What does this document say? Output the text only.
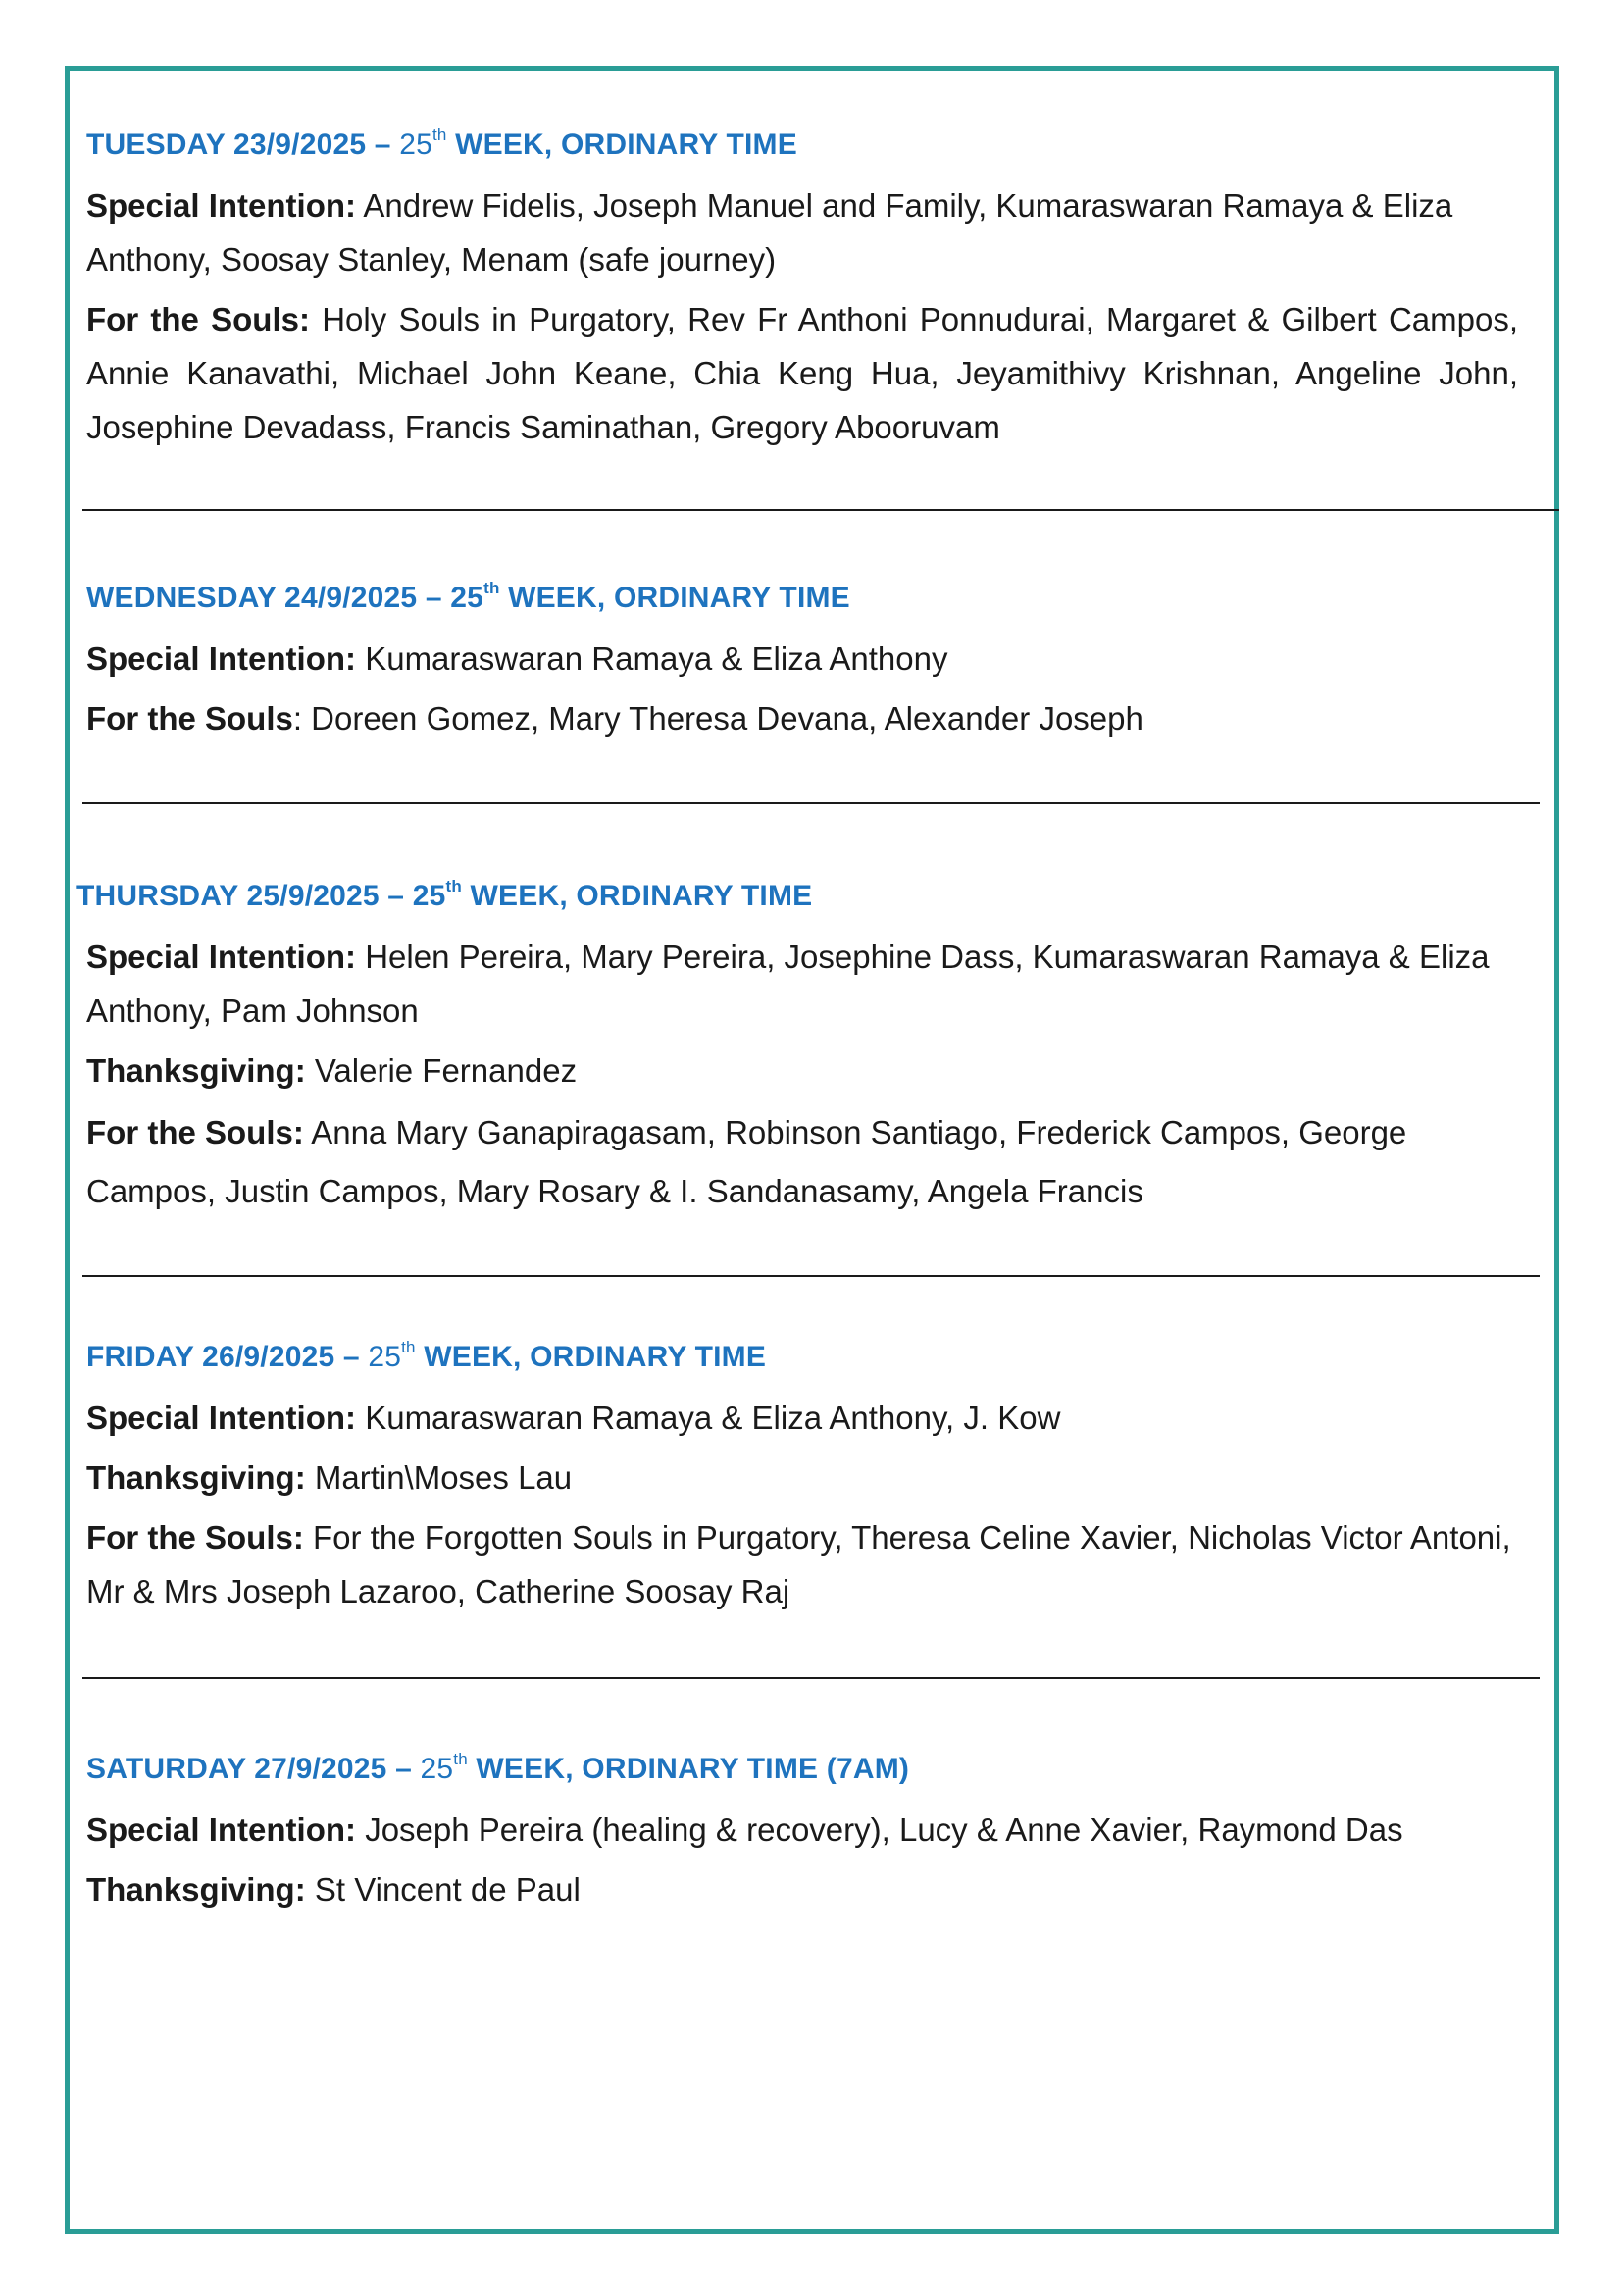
TUESDAY 23/9/2025 – 25th WEEK, ORDINARY TIME

Special Intention: Andrew Fidelis, Joseph Manuel and Family, Kumaraswaran Ramaya & Eliza Anthony, Soosay Stanley, Menam (safe journey)

For the Souls: Holy Souls in Purgatory, Rev Fr Anthoni Ponnudurai, Margaret & Gilbert Campos, Annie Kanavathi, Michael John Keane, Chia Keng Hua, Jeyamithivy Krishnan, Angeline John, Josephine Devadass, Francis Saminathan, Gregory Abooruvam

WEDNESDAY 24/9/2025 – 25th WEEK, ORDINARY TIME

Special Intention: Kumaraswaran Ramaya & Eliza Anthony

For the Souls: Doreen Gomez, Mary Theresa Devana, Alexander Joseph

THURSDAY 25/9/2025 – 25th WEEK, ORDINARY TIME

Special Intention: Helen Pereira, Mary Pereira, Josephine Dass, Kumaraswaran Ramaya & Eliza Anthony, Pam Johnson

Thanksgiving: Valerie Fernandez

For the Souls: Anna Mary Ganapiragasam, Robinson Santiago, Frederick Campos, George Campos, Justin Campos, Mary Rosary & I. Sandanasamy, Angela Francis

FRIDAY 26/9/2025 – 25th WEEK, ORDINARY TIME

Special Intention: Kumaraswaran Ramaya & Eliza Anthony, J. Kow

Thanksgiving: Martin\Moses Lau

For the Souls: For the Forgotten Souls in Purgatory, Theresa Celine Xavier, Nicholas Victor Antoni, Mr & Mrs Joseph Lazaroo, Catherine Soosay Raj

SATURDAY 27/9/2025 – 25th WEEK, ORDINARY TIME (7AM)

Special Intention: Joseph Pereira (healing & recovery), Lucy & Anne Xavier, Raymond Das

Thanksgiving: St Vincent de Paul
